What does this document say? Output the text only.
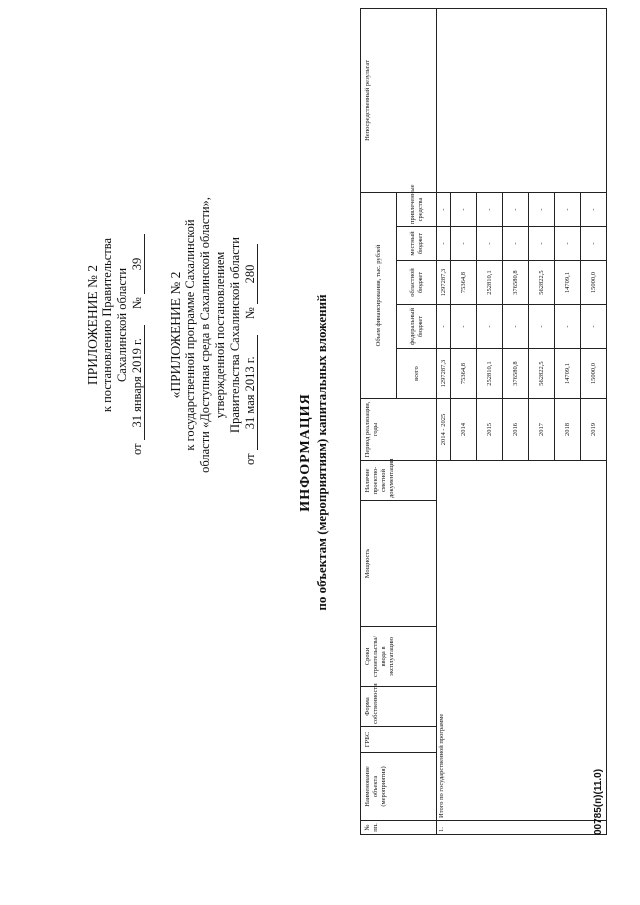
ПРИЛОЖЕНИЕ № 2 к постановлению Правительства Сахалинской области
от 31 января 2019 г.  № 39
«ПРИЛОЖЕНИЕ № 2 к государственной программе Сахалинской области «Доступная среда в Сахалинской области», утвержденной постановлением Правительства Сахалинской области
от 31 мая 2013 г.  № 280
ИНФОРМАЦИЯ по объектам (мероприятиям) капитальных вложений
№ пп.	Наименование объекта (мероприятия)	ГРБС	Форма собственности	Сроки строительства/ ввода в эксплуатацию	Мощность	Наличие проектно-сметной документации	Период реализации, годы	Объем финансирования, тыс. рублей					Непосредственный результат
								всего	федеральный бюджет	областной бюджет	местный бюджет	привлеченные средства	
1.	Итого по государственной программе						2014 - 2025	1297287,3	-	1297287,3	-	-	
							2014	75364,8	-	75364,8	-	-	
							2015	252810,1	-	252810,1	-	-	
							2016	376580,8	-	376580,8	-	-	
							2017	562822,5	-	562822,5	-	-	
							2018	14709,1	-	14709,1	-	-	
							2019	15000,0	-	15000,0	-	-	
00785(п)(11.0)
